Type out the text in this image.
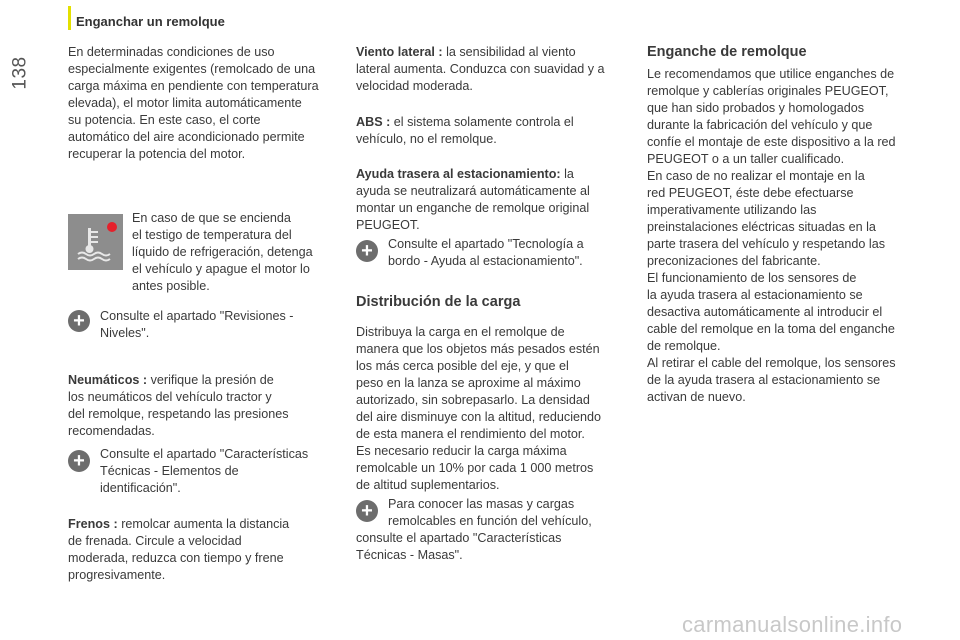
138
Enganchar un remolque
En determinadas condiciones de uso
especialmente exigentes (remolcado de una
carga máxima en pendiente con temperatura
elevada), el motor limita automáticamente
su potencia. En este caso, el corte
automático del aire acondicionado permite
recuperar la potencia del motor.
En caso de que se encienda
el testigo de temperatura del
líquido de refrigeración, detenga
el vehículo y apague el motor lo
antes posible.
+ Consulte el apartado "Revisiones -
Niveles".
Neumáticos : verifique la presión de
los neumáticos del vehículo tractor y
del remolque, respetando las presiones
recomendadas.
+ Consulte el apartado "Características
Técnicas - Elementos de
identificación".
Frenos : remolcar aumenta la distancia
de frenada. Circule a velocidad
moderada, reduzca con tiempo y frene
progresivamente.
Viento lateral : la sensibilidad al viento
lateral aumenta. Conduzca con suavidad y a
velocidad moderada.
ABS : el sistema solamente controla el
vehículo, no el remolque.
Ayuda trasera al estacionamiento: la
ayuda se neutralizará automáticamente al
montar un enganche de remolque original
PEUGEOT.
+ Consulte el apartado "Tecnología a
bordo - Ayuda al estacionamiento".
Distribución de la carga
Distribuya la carga en el remolque de
manera que los objetos más pesados estén
los más cerca posible del eje, y que el
peso en la lanza se aproxime al máximo
autorizado, sin sobrepasarlo. La densidad
del aire disminuye con la altitud, reduciendo
de esta manera el rendimiento del motor.
Es necesario reducir la carga máxima
remolcable un 10% por cada 1 000 metros
de altitud suplementarios.
+	Para conocer las masas y cargas
remolcables en función del vehículo,
consulte el apartado "Características
Técnicas - Masas".
Enganche de remolque
Le recomendamos que utilice enganches de
remolque y cablerías originales PEUGEOT,
que han sido probados y homologados
durante la fabricación del vehículo y que
confíe el montaje de este dispositivo a la red
PEUGEOT o a un taller cualificado.
En caso de no realizar el montaje en la
red PEUGEOT, éste debe efectuarse
imperativamente utilizando las
preinstalaciones eléctricas situadas en la
parte trasera del vehículo y respetando las
preconizaciones del fabricante.
El funcionamiento de los sensores de
la ayuda trasera al estacionamiento se
desactiva automáticamente al introducir el
cable del remolque en la toma del enganche
de remolque.
Al retirar el cable del remolque, los sensores
de la ayuda trasera al estacionamiento se
activan de nuevo.
carmanualsonline.info
